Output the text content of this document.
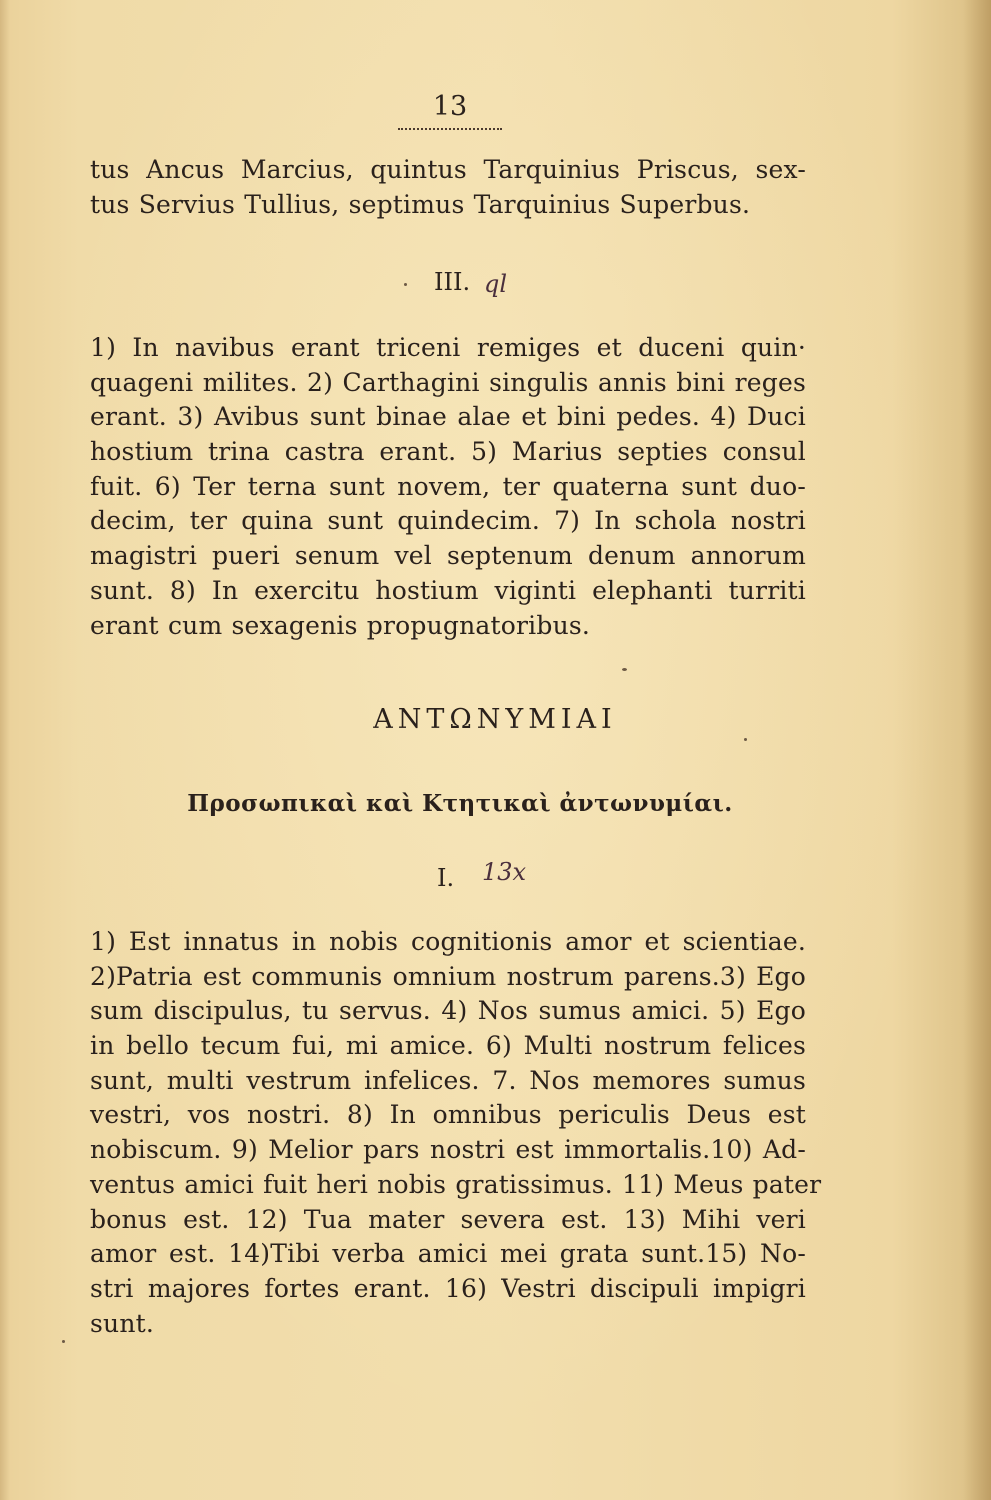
13
tus Ancus Marcius, quintus Tarquinius Priscus, sex-
tus Servius Tullius, septimus Tarquinius Superbus.
III. ql
1) In navibus erant triceni remiges et duceni quin·
quageni milites. 2) Carthagini singulis annis bini reges
erant. 3) Avibus sunt binae alae et bini pedes. 4) Duci
hostium trina castra erant. 5) Marius septies consul
fuit. 6) Ter terna sunt novem, ter quaterna sunt duo-
decim, ter quina sunt quindecim. 7) In schola nostri
magistri pueri senum vel septenum denum annorum
sunt. 8) In exercitu hostium viginti elephanti turriti
erant cum sexagenis propugnatoribus.
ΑΝΤΩΝΥΜΙΑΙ
Προσωπικαὶ καὶ Κτητικαὶ ἀντωνυμίαι.
I. 13x
1) Est innatus in nobis cognitionis amor et scientiae.
2)Patria est communis omnium nostrum parens.3) Ego
sum discipulus, tu servus. 4) Nos sumus amici. 5) Ego
in bello tecum fui, mi amice. 6) Multi nostrum felices
sunt, multi vestrum infelices. 7. Nos memores sumus
vestri, vos nostri. 8) In omnibus periculis Deus est
nobiscum. 9) Melior pars nostri est immortalis.10) Ad-
ventus amici fuit heri nobis gratissimus. 11) Meus pater
bonus est. 12) Tua mater severa est. 13) Mihi veri
amor est. 14)Tibi verba amici mei grata sunt.15) No-
stri majores fortes erant. 16) Vestri discipuli impigri
sunt.
